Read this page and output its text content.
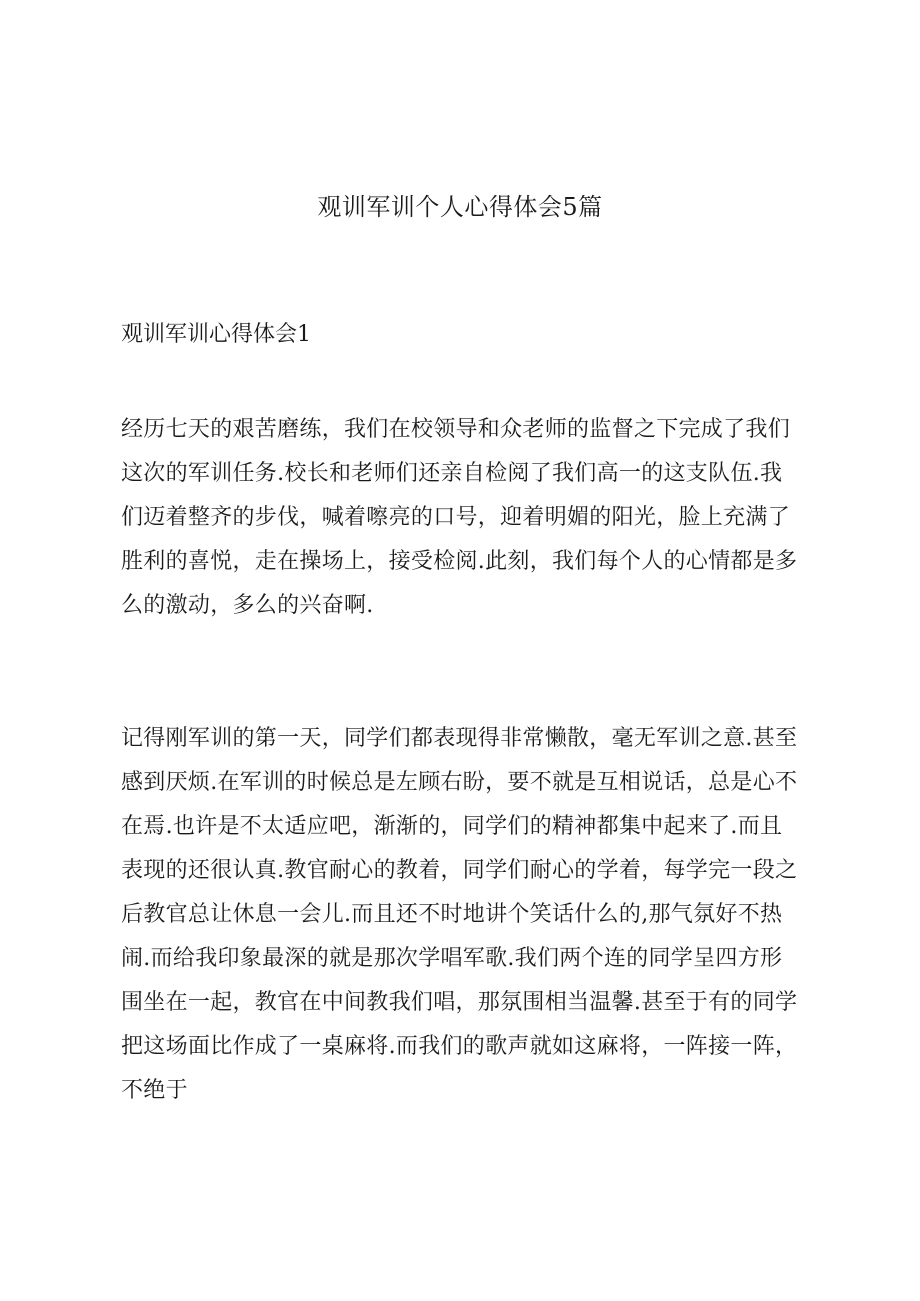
观训军训个人心得体会5篇
观训军训心得体会1
经历七天的艰苦磨练，我们在校领导和众老师的监督之下完成了我们
这次的军训任务.校长和老师们还亲自检阅了我们高一的这支队伍.我
们迈着整齐的步伐，喊着嚓亮的口号，迎着明媚的阳光，脸上充满了
胜利的喜悦，走在操场上，接受检阅.此刻，我们每个人的心情都是多
么的激动，多么的兴奋啊.
记得刚军训的第一天，同学们都表现得非常懒散，毫无军训之意.甚至
感到厌烦.在军训的时候总是左顾右盼，要不就是互相说话，总是心不
在焉.也许是不太适应吧，渐渐的，同学们的精神都集中起来了.而且
表现的还很认真.教官耐心的教着，同学们耐心的学着，每学完一段之
后教官总让休息一会儿.而且还不时地讲个笑话什么的,那气氛好不热
闹.而给我印象最深的就是那次学唱军歌.我们两个连的同学呈四方形
围坐在一起，教官在中间教我们唱，那氛围相当温馨.甚至于有的同学
把这场面比作成了一桌麻将.而我们的歌声就如这麻将，一阵接一阵，
不绝于
